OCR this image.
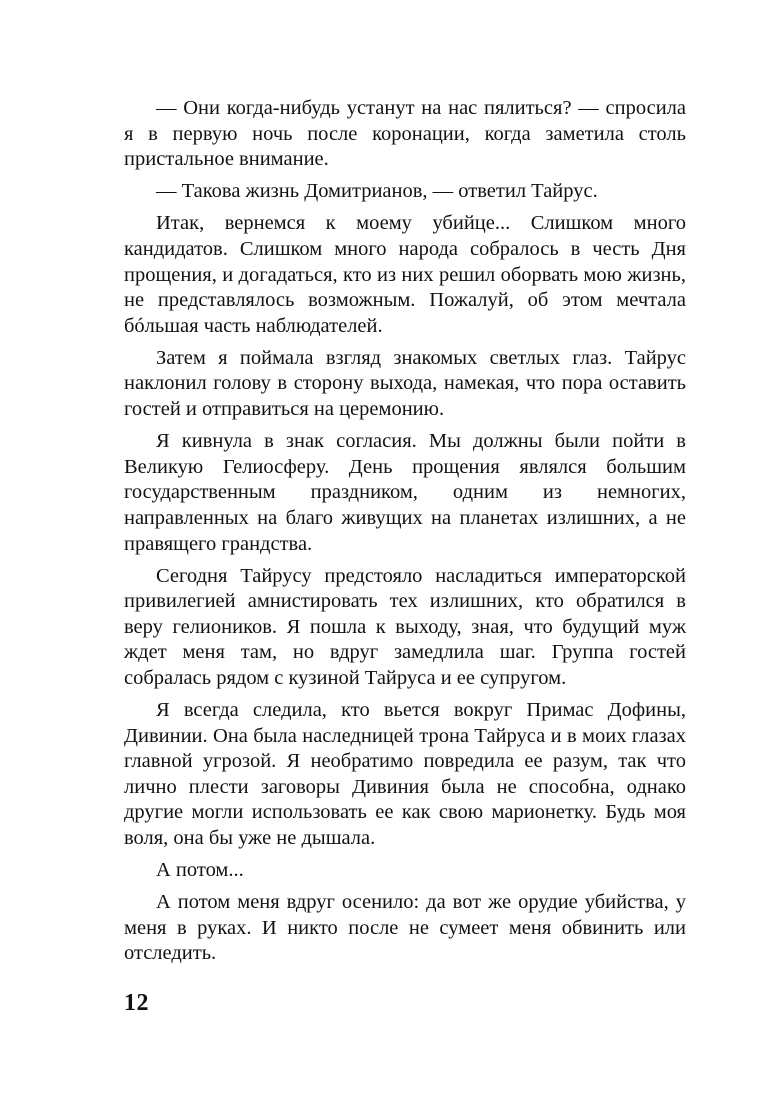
— Они когда-нибудь устанут на нас пялиться? — спросила я в первую ночь после коронации, когда заметила столь пристальное внимание.

— Такова жизнь Домитрианов, — ответил Тайрус.

Итак, вернемся к моему убийце... Слишком много кандидатов. Слишком много народа собралось в честь Дня прощения, и догадаться, кто из них решил оборвать мою жизнь, не представлялось возможным. Пожалуй, об этом мечтала бóльшая часть наблюдателей.

Затем я поймала взгляд знакомых светлых глаз. Тайрус наклонил голову в сторону выхода, намекая, что пора оставить гостей и отправиться на церемонию.

Я кивнула в знак согласия. Мы должны были пойти в Великую Гелиосферу. День прощения являлся большим государственным праздником, одним из немногих, направленных на благо живущих на планетах излишних, а не правящего грандства.

Сегодня Тайрусу предстояло насладиться императорской привилегией амнистировать тех излишних, кто обратился в веру гелиоников. Я пошла к выходу, зная, что будущий муж ждет меня там, но вдруг замедлила шаг. Группа гостей собралась рядом с кузиной Тайруса и ее супругом.

Я всегда следила, кто вьется вокруг Примас Дофины, Дивинии. Она была наследницей трона Тайруса и в моих глазах главной угрозой. Я необратимо повредила ее разум, так что лично плести заговоры Дивиния была не способна, однако другие могли использовать ее как свою марионетку. Будь моя воля, она бы уже не дышала.

А потом...

А потом меня вдруг осенило: да вот же орудие убийства, у меня в руках. И никто после не сумеет меня обвинить или отследить.

12
